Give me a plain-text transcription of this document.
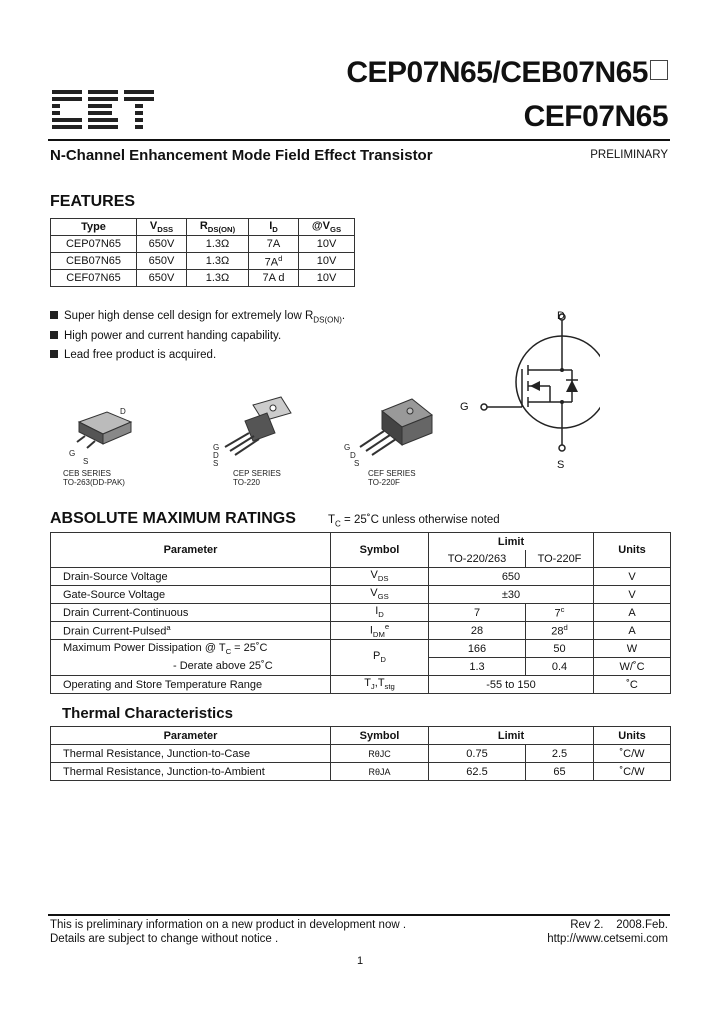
CEP07N65/CEB07N65
CEF07N65
N-Channel Enhancement Mode Field Effect Transistor	PRELIMINARY
FEATURES
Type	$V_{DSS}$	$R_{DS(ON)}$	$I_D$	$@V_{GS}$
CEP07N65	650V	1.3Ω	7A	10V
CEB07N65	650V	1.3Ω	$7A^d$	10V
CEF07N65	650V	1.3Ω	7A d	10V
Super high dense cell design for extremely low $R_{DS(ON)}$.
High power and current handing capability.
Lead free product is acquired.
D
G
S
CEB SERIES
TO-263(DD-PAK)
G
D
S
CEP SERIES
TO-220
G
D
S
CEF SERIES
TO-220F
D
G
S
ABSOLUTE MAXIMUM RATINGS	$T_C$ = 25˚C unless otherwise noted
Parameter	Symbol	Limit		Units
		TO-220/263	TO-220F	
Drain-Source Voltage	$V_{DS}$	650		V
Gate-Source Voltage	$V_{GS}$	±30		V
Drain Current-Continuous	$I_D$	7	7$^c$	A
Drain Current-Pulsed$^a$	$I_{DM}^e$	28	28$^d$	A
Maximum Power Dissipation @ $T_C$ = 25˚C	$P_D$	166	50	W
- Derate above 25˚C		1.3	0.4	W/˚C
Operating and Store Temperature Range	$T_J,T_{stg}$	-55 to 150		˚C
Thermal Characteristics
Parameter	Symbol	Limit		Units
Thermal Resistance, Junction-to-Case	RθJC	0.75	2.5	˚C/W
Thermal Resistance, Junction-to-Ambient	RθJA	62.5	65	˚C/W
This is preliminary information on a new product in development now .
Details are subject to change without notice .
Rev 2.    2008.Feb.
http://www.cetsemi.com
1
